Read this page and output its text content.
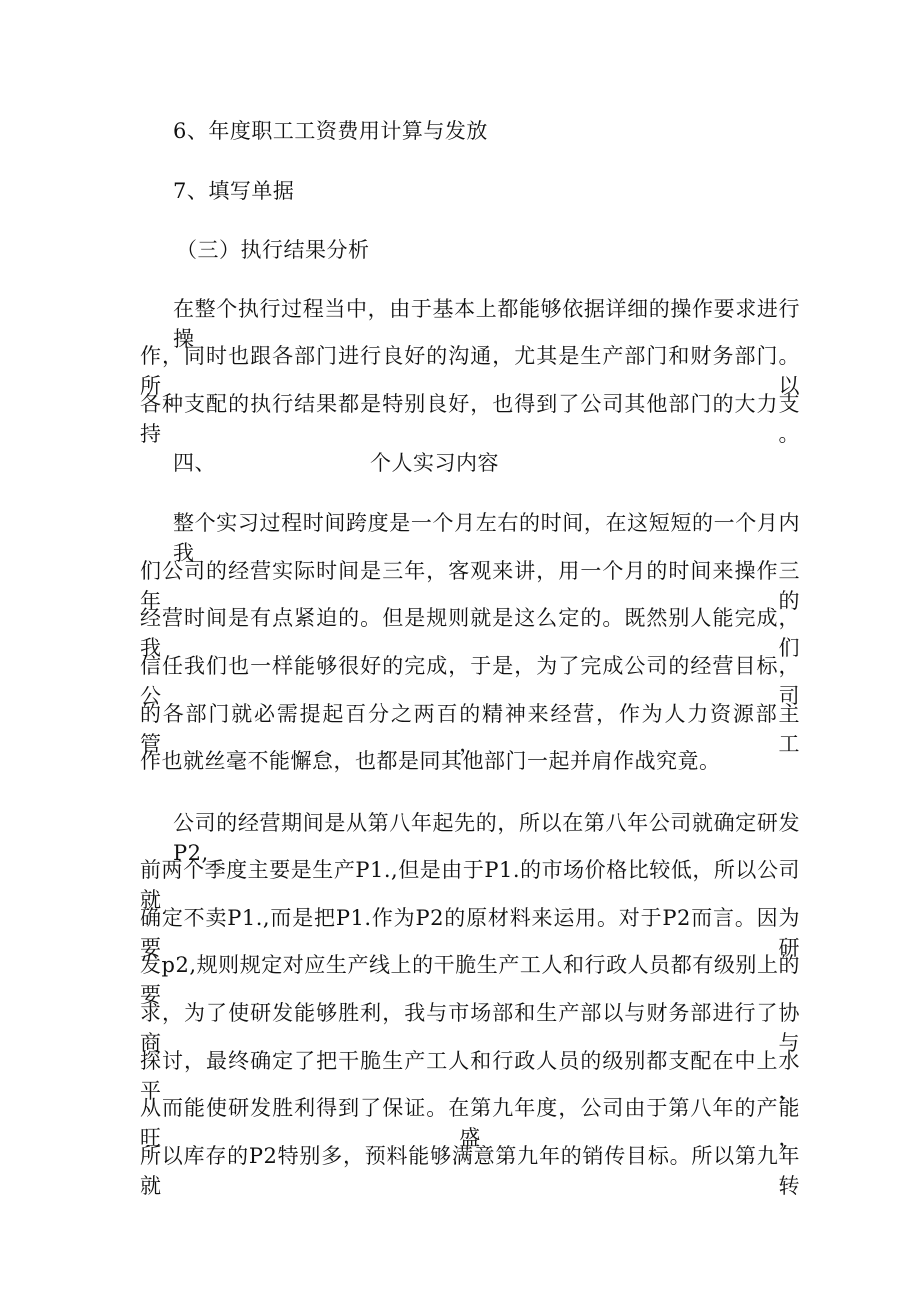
6、年度职工工资费用计算与发放
7、填写单据
（三）执行结果分析
在整个执行过程当中，由于基本上都能够依据详细的操作要求进行操
作，同时也跟各部门进行良好的沟通，尤其是生产部门和财务部门。所以
各种支配的执行结果都是特别良好，也得到了公司其他部门的大力支持。
四、	个人实习内容
整个实习过程时间跨度是一个月左右的时间，在这短短的一个月内我
们公司的经营实际时间是三年，客观来讲，用一个月的时间来操作三年的
经营时间是有点紧迫的。但是规则就是这么定的。既然别人能完成，我们
信任我们也一样能够很好的完成，于是，为了完成公司的经营目标，公司
的各部门就必需提起百分之两百的精神来经营，作为人力资源部主管，工
作也就丝毫不能懈怠，也都是同其他部门一起并肩作战究竟。
公司的经营期间是从第八年起先的，所以在第八年公司就确定研发P2,
前两个季度主要是生产P1.,但是由于P1.的市场价格比较低，所以公司就
确定不卖P1.,而是把P1.作为P2的原材料来运用。对于P2而言。因为要研
发p2,规则规定对应生产线上的干脆生产工人和行政人员都有级别上的要
求，为了使研发能够胜利，我与市场部和生产部以与财务部进行了协商与
探讨，最终确定了把干脆生产工人和行政人员的级别都支配在中上水平，
从而能使研发胜利得到了保证。在第九年度，公司由于第八年的产能旺盛，
所以库存的P2特别多，预料能够满意第九年的销传目标。所以第九年就转
